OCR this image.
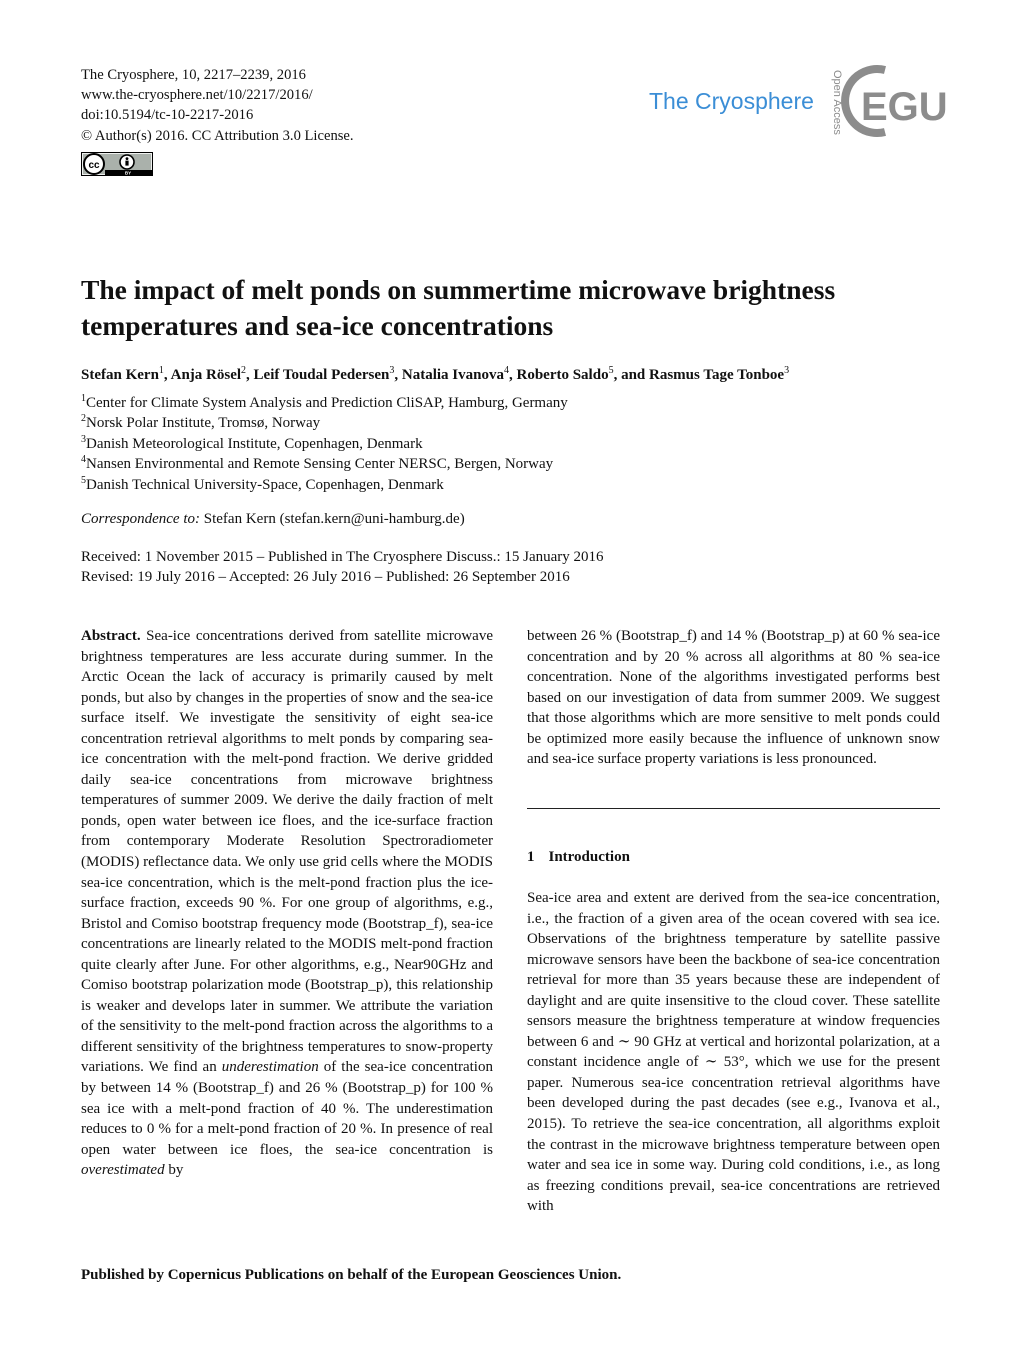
The Cryosphere, 10, 2217–2239, 2016
www.the-cryosphere.net/10/2217/2016/
doi:10.5194/tc-10-2217-2016
© Author(s) 2016. CC Attribution 3.0 License.
cc
BY
The Cryosphere Open Access EGU
The impact of melt ponds on summertime microwave brightness temperatures and sea-ice concentrations
Stefan Kern$^1$, Anja Rösel$^2$, Leif Toudal Pedersen$^3$, Natalia Ivanova$^4$, Roberto Saldo$^5$, and Rasmus Tage Tonboe$^3$
$^1$Center for Climate System Analysis and Prediction CliSAP, Hamburg, Germany
$^2$Norsk Polar Institute, Tromsø, Norway
$^3$Danish Meteorological Institute, Copenhagen, Denmark
$^4$Nansen Environmental and Remote Sensing Center NERSC, Bergen, Norway
$^5$Danish Technical University-Space, Copenhagen, Denmark
Correspondence to: Stefan Kern (stefan.kern@uni-hamburg.de)
Received: 1 November 2015 – Published in The Cryosphere Discuss.: 15 January 2016
Revised: 19 July 2016 – Accepted: 26 July 2016 – Published: 26 September 2016

Abstract. Sea-ice concentrations derived from satellite microwave brightness temperatures are less accurate during summer. In the Arctic Ocean the lack of accuracy is primarily caused by melt ponds, but also by changes in the properties of snow and the sea-ice surface itself. We investigate the sensitivity of eight sea-ice concentration retrieval algorithms to melt ponds by comparing sea-ice concentration with the melt-pond fraction. We derive gridded daily sea-ice concentrations from microwave brightness temperatures of summer 2009. We derive the daily fraction of melt ponds, open water between ice floes, and the ice-surface fraction from contemporary Moderate Resolution Spectroradiometer (MODIS) reflectance data. We only use grid cells where the MODIS sea-ice concentration, which is the melt-pond fraction plus the ice-surface fraction, exceeds 90 %. For one group of algorithms, e.g., Bristol and Comiso bootstrap frequency mode (Bootstrap_f), sea-ice concentrations are linearly related to the MODIS melt-pond fraction quite clearly after June. For other algorithms, e.g., Near90GHz and Comiso bootstrap polarization mode (Bootstrap_p), this relationship is weaker and develops later in summer. We attribute the variation of the sensitivity to the melt-pond fraction across the algorithms to a different sensitivity of the brightness temperatures to snow-property variations. We find an underestimation of the sea-ice concentration by between 14 % (Bootstrap_f) and 26 % (Bootstrap_p) for 100 % sea ice with a melt-pond fraction of 40 %. The underestimation reduces to 0 % for a melt-pond fraction of 20 %. In presence of real open water between ice floes, the sea-ice concentration is overestimated by

between 26 % (Bootstrap_f) and 14 % (Bootstrap_p) at 60 % sea-ice concentration and by 20 % across all algorithms at 80 % sea-ice concentration. None of the algorithms investigated performs best based on our investigation of data from summer 2009. We suggest that those algorithms which are more sensitive to melt ponds could be optimized more easily because the influence of unknown snow and sea-ice surface property variations is less pronounced.
1 Introduction
Sea-ice area and extent are derived from the sea-ice concentration, i.e., the fraction of a given area of the ocean covered with sea ice. Observations of the brightness temperature by satellite passive microwave sensors have been the backbone of sea-ice concentration retrieval for more than 35 years because these are independent of daylight and are quite insensitive to the cloud cover. These satellite sensors measure the brightness temperature at window frequencies between 6 and ∼ 90 GHz at vertical and horizontal polarization, at a constant incidence angle of ∼ 53°, which we use for the present paper. Numerous sea-ice concentration retrieval algorithms have been developed during the past decades (see e.g., Ivanova et al., 2015). To retrieve the sea-ice concentration, all algorithms exploit the contrast in the microwave brightness temperature between open water and sea ice in some way. During cold conditions, i.e., as long as freezing conditions prevail, sea-ice concentrations are retrieved with
Published by Copernicus Publications on behalf of the European Geosciences Union.
